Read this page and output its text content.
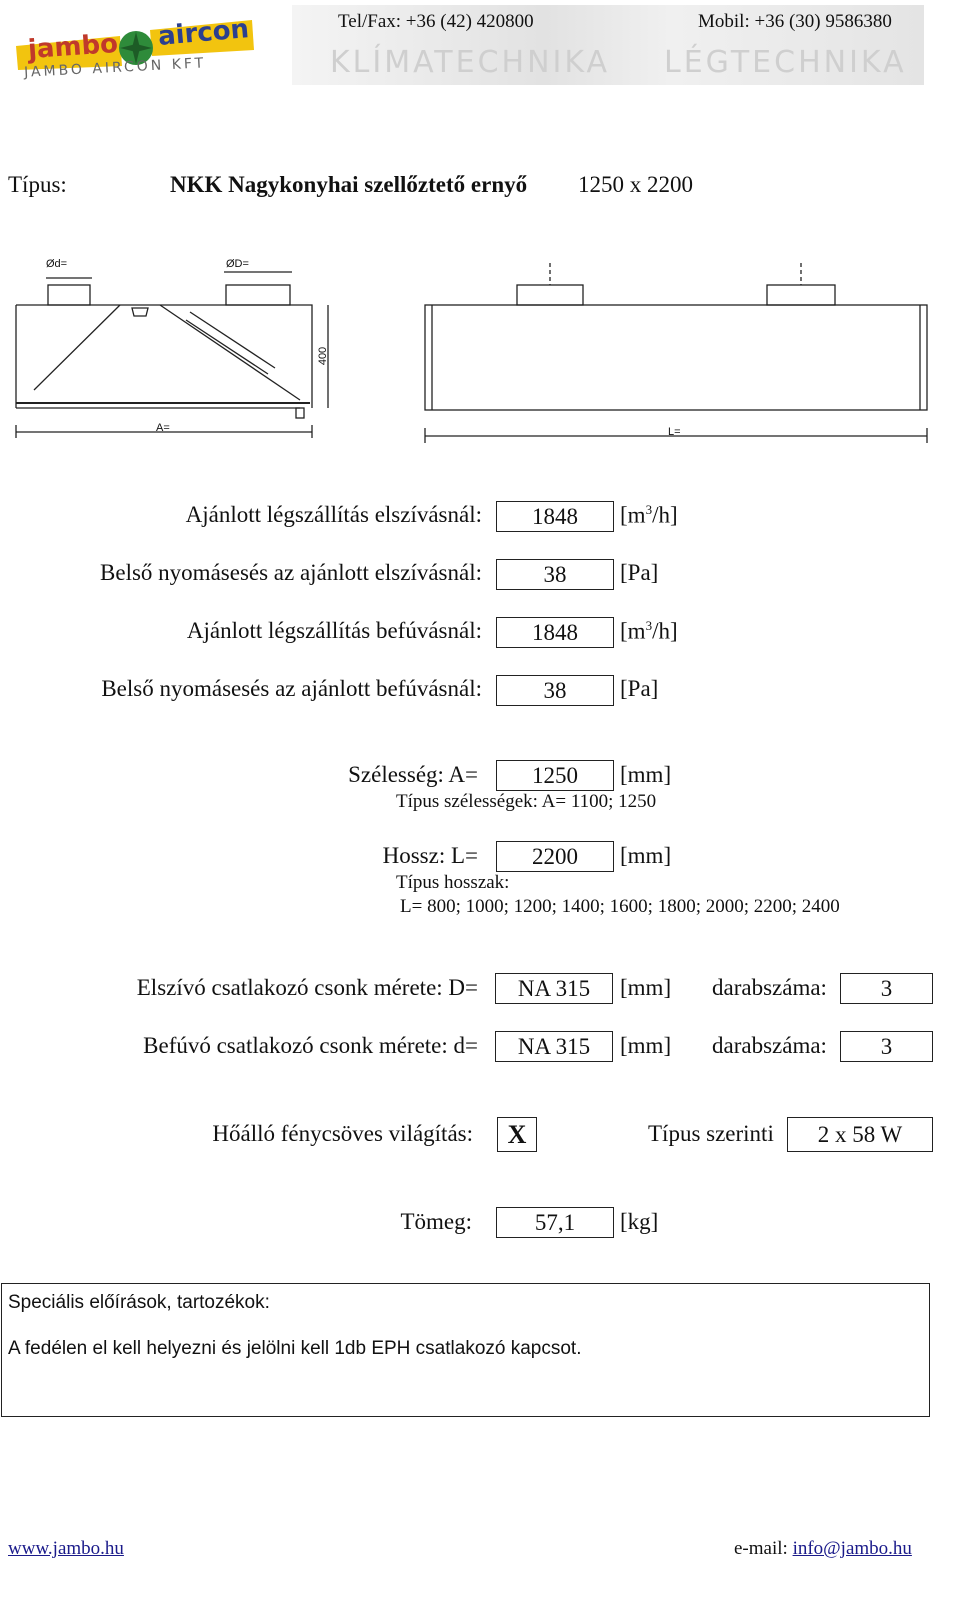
jambo aircon
JAMBO AIRCON KFT
Tel/Fax: +36 (42) 420800	Mobil: +36 (30) 9586380
KLÍMATECHNIKA LÉGTECHNIKA
Típus:	NKK Nagykonyhai szellőztető ernyő 1250 x 2200
Ød=	ØD=
400
A=	L=
Ajánlott légszállítás elszívásnál:	1848	$[m^3/h]$
Belső nyomásesés az ajánlott elszívásnál:	38	[Pa]
Ajánlott légszállítás befúvásnál:	1848	$[m^3/h]$
Belső nyomásesés az ajánlott befúvásnál:	38	[Pa]
Szélesség: A=	1250	[mm]
Típus szélességek: A= 1100; 1250
Hossz: L=	2200	[mm]
Típus hosszak:
L= 800; 1000; 1200; 1400; 1600; 1800; 2000; 2200; 2400
Elszívó csatlakozó csonk mérete: D=	NA 315	[mm] darabszáma:	3
Befúvó csatlakozó csonk mérete: d=	NA 315	[mm] darabszáma:	3
Hőálló fénycsöves világítás:	X	Típus szerinti	2 x 58 W
Tömeg:	57,1	[kg]
Speciális előírások, tartozékok:
A fedélen el kell helyezni és jelölni kell 1db EPH csatlakozó kapcsot.
www.jambo.hu	e-mail: info@jambo.hu
